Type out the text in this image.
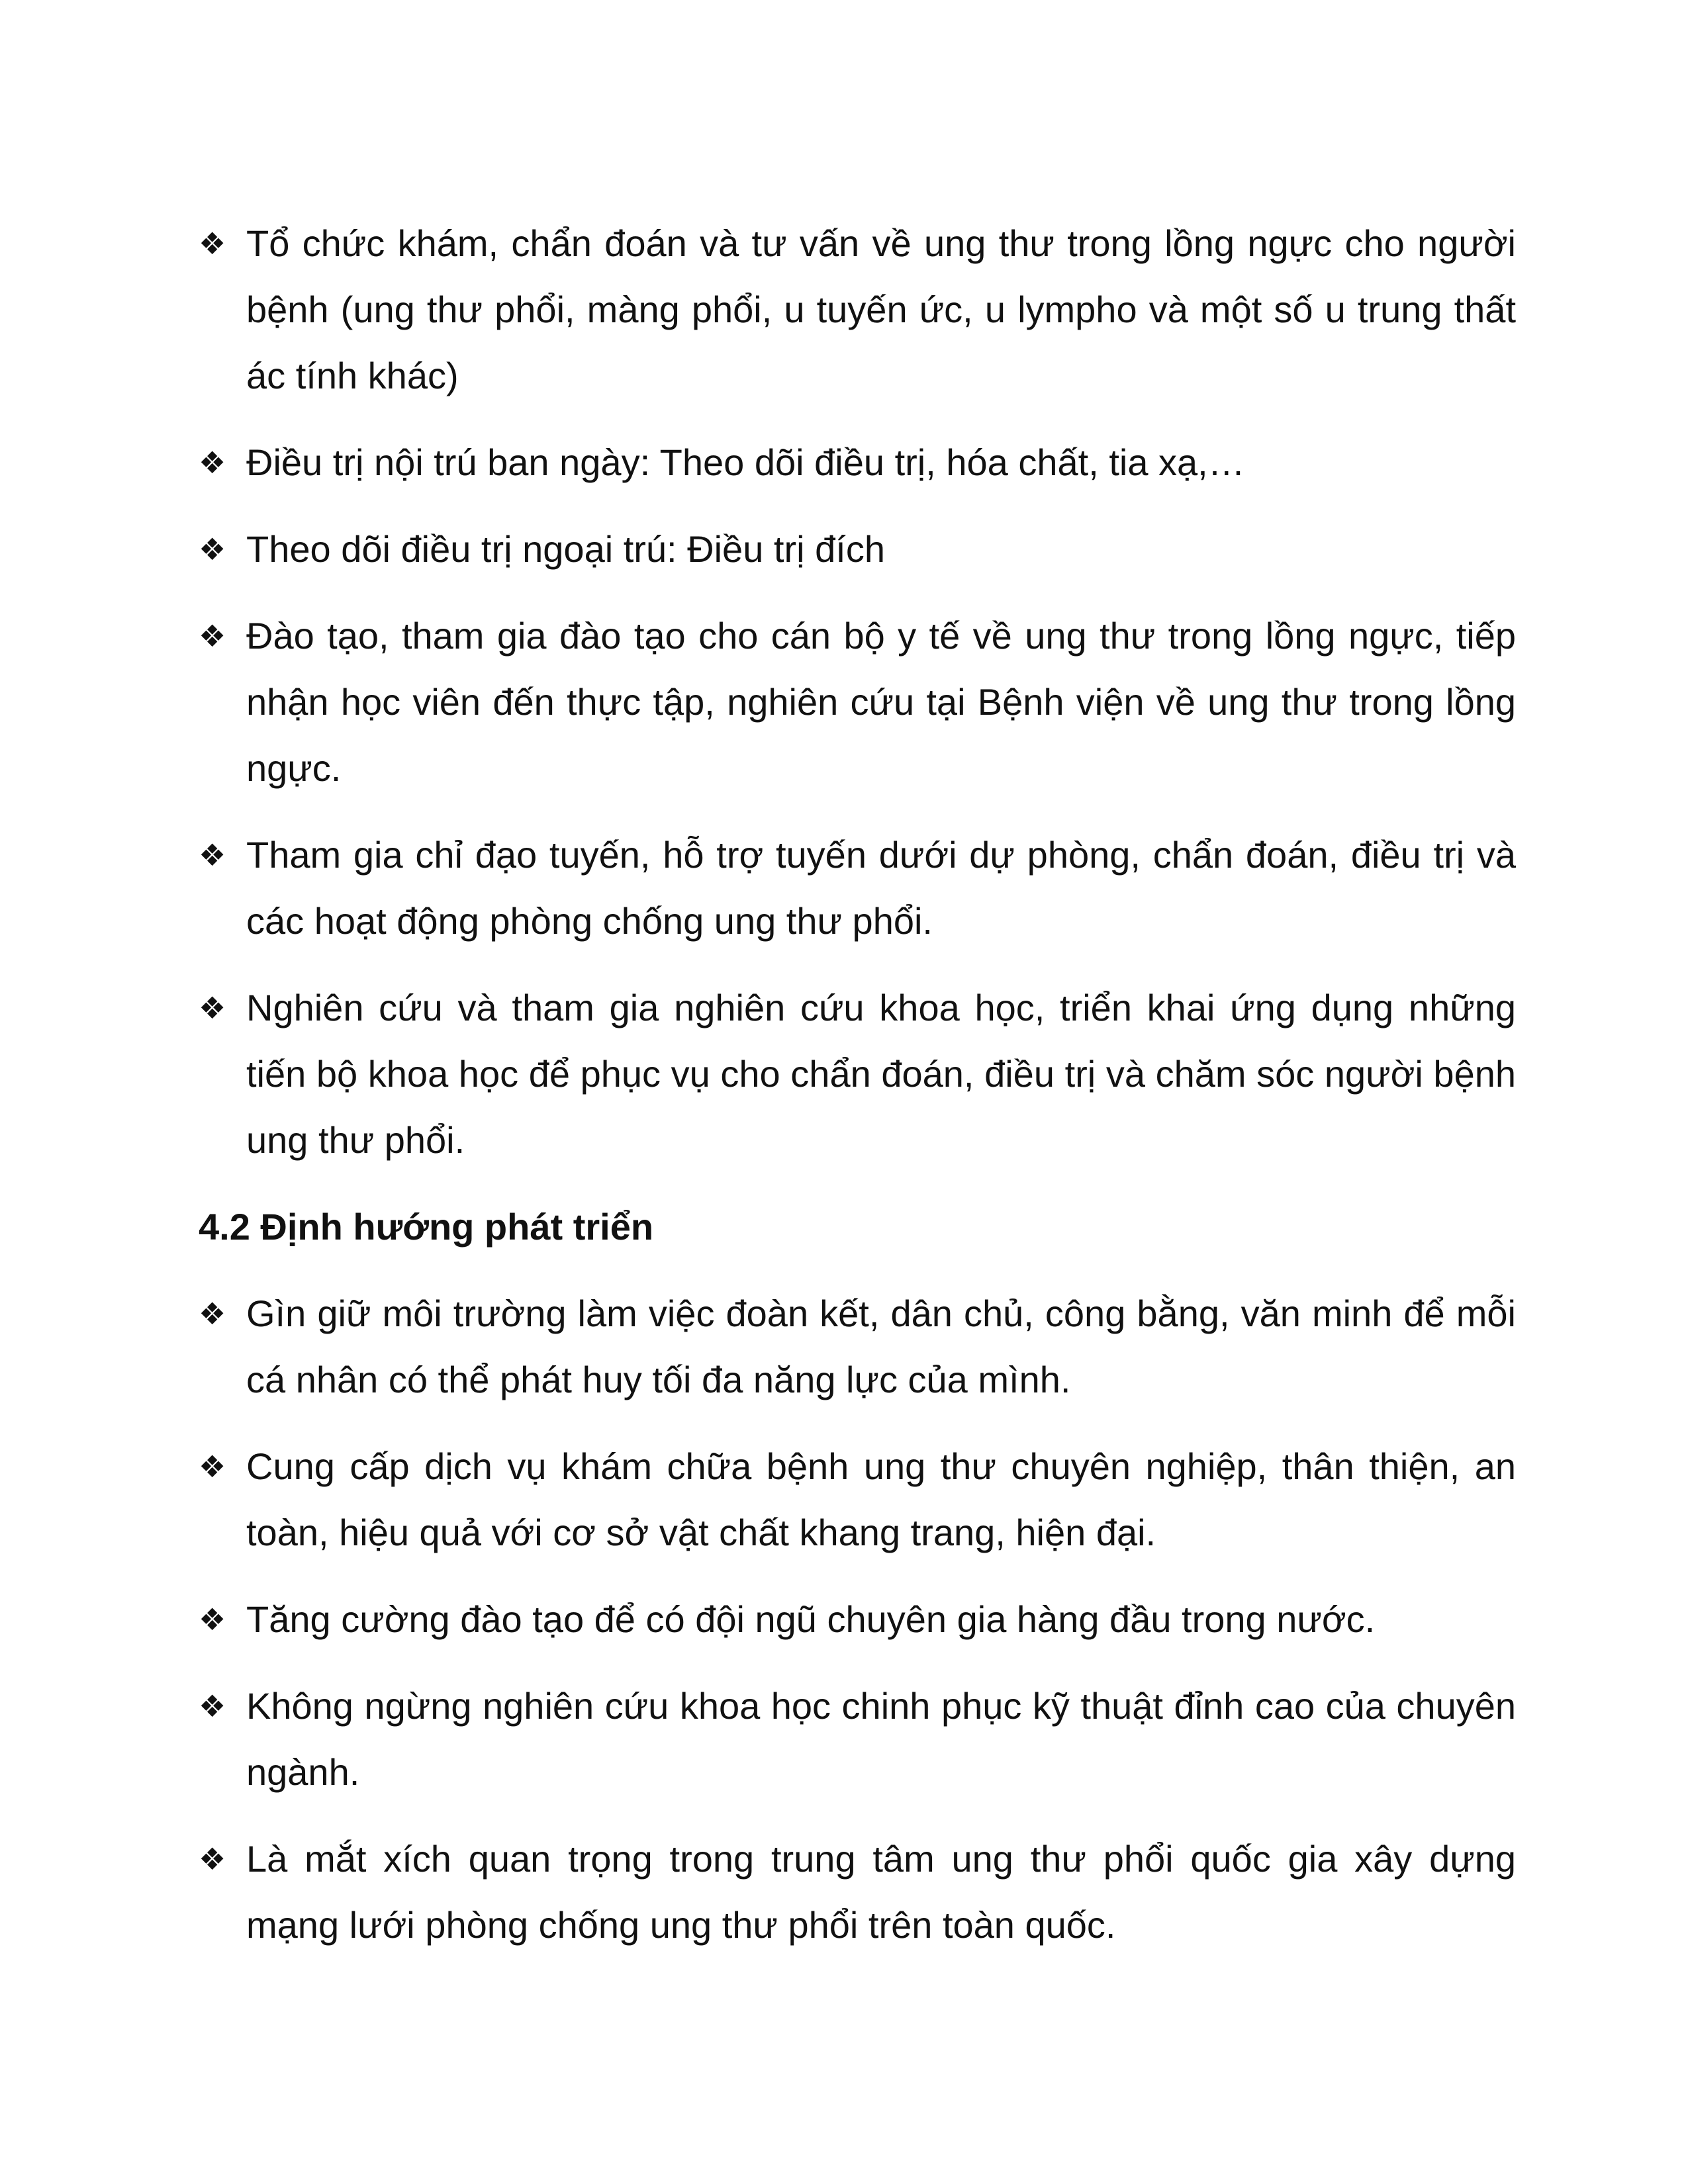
❖ Tổ chức khám, chẩn đoán và tư vấn về ung thư trong lồng ngực cho người bệnh (ung thư phổi, màng phổi, u tuyến ức, u lympho và một số u trung thất ác tính khác)

❖ Điều trị nội trú ban ngày: Theo dõi điều trị, hóa chất, tia xạ,…

❖ Theo dõi điều trị ngoại trú: Điều trị đích

❖ Đào tạo, tham gia đào tạo cho cán bộ y tế về ung thư trong lồng ngực, tiếp nhận học viên đến thực tập, nghiên cứu tại Bệnh viện về ung thư trong lồng ngực.

❖ Tham gia chỉ đạo tuyến, hỗ trợ tuyến dưới dự phòng, chẩn đoán, điều trị và các hoạt động phòng chống ung thư phổi.

❖ Nghiên cứu và tham gia nghiên cứu khoa học, triển khai ứng dụng những tiến bộ khoa học để phục vụ cho chẩn đoán, điều trị và chăm sóc người bệnh ung thư phổi.

4.2 Định hướng phát triển
❖ Gìn giữ môi trường làm việc đoàn kết, dân chủ, công bằng, văn minh để mỗi cá nhân có thể phát huy tối đa năng lực của mình.

❖ Cung cấp dịch vụ khám chữa bệnh ung thư chuyên nghiệp, thân thiện, an toàn, hiệu quả với cơ sở vật chất khang trang, hiện đại.

❖ Tăng cường đào tạo để có đội ngũ chuyên gia hàng đầu trong nước.

❖ Không ngừng nghiên cứu khoa học chinh phục kỹ thuật đỉnh cao của chuyên ngành.

❖ Là mắt xích quan trọng trong trung tâm ung thư phổi quốc gia xây dựng mạng lưới phòng chống ung thư phổi trên toàn quốc.
